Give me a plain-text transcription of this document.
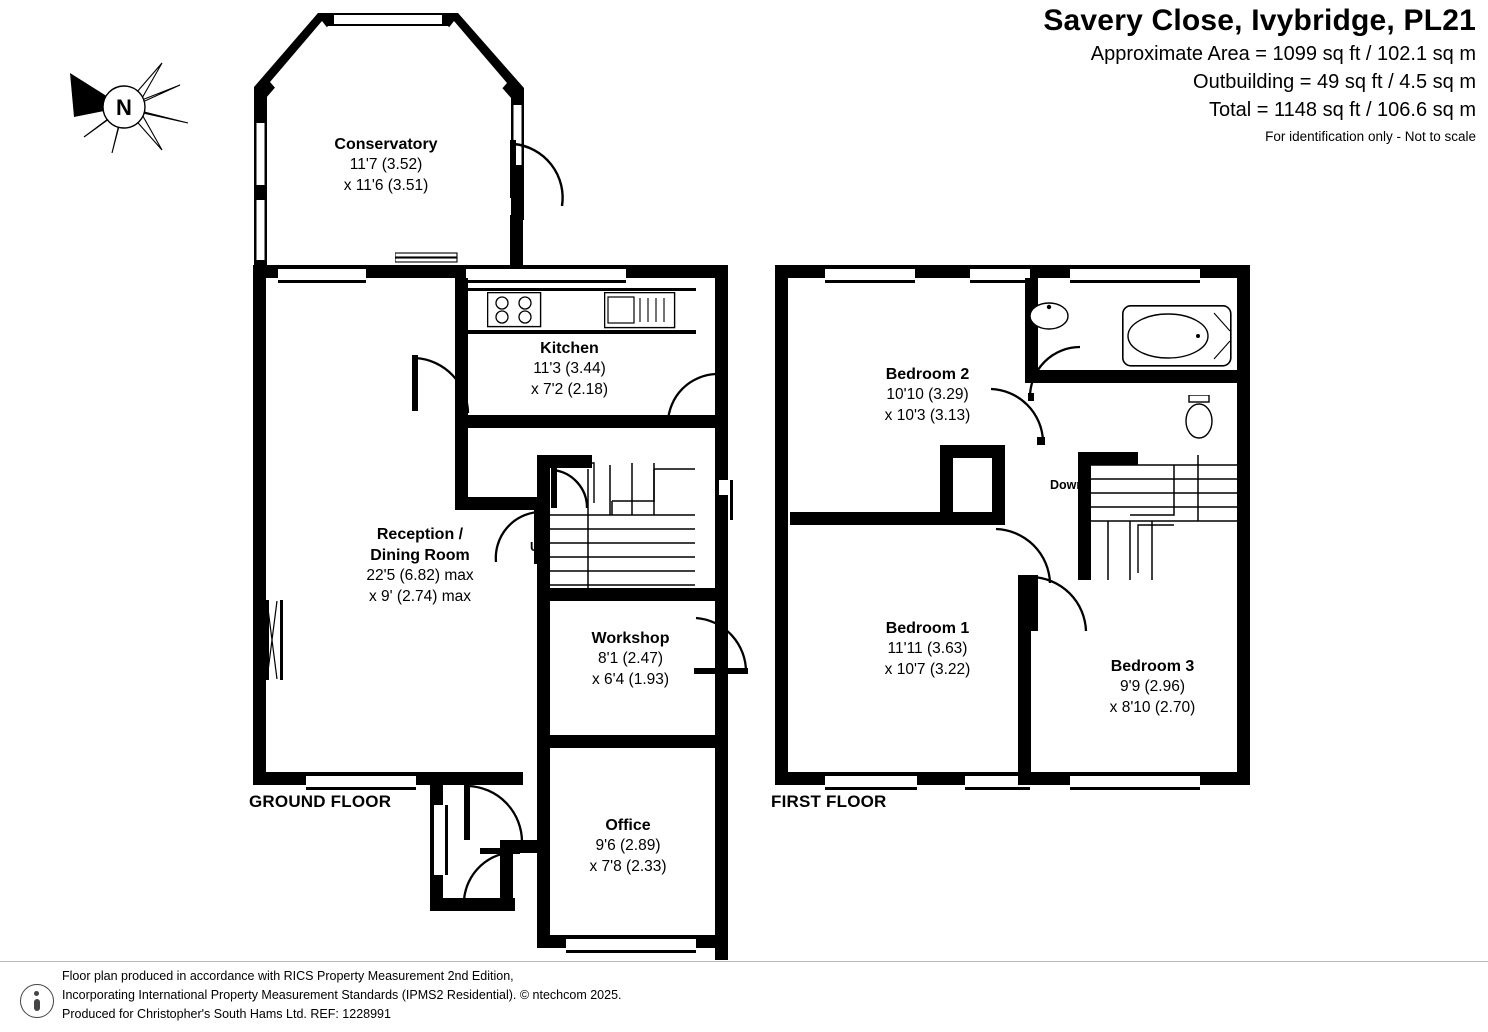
Savery Close, Ivybridge, PL21
Approximate Area = 1099 sq ft / 102.1 sq m
Outbuilding = 49 sq ft / 4.5 sq m
Total = 1148 sq ft / 106.6 sq m
For identification only - Not to scale
N
Conservatory
11'7 (3.52)
x 11'6 (3.51)
Kitchen
11'3 (3.44)
x 7'2 (2.18)
Up
Reception /
Dining Room
22'5 (6.82) max
x 9' (2.74) max
Workshop
8'1 (2.47)
x 6'4 (1.93)
Office
9'6 (2.89)
x 7'8 (2.33)
GROUND FLOOR
Down
Bedroom 2
10'10 (3.29)
x 10'3 (3.13)
Bedroom 1
11'11 (3.63)
x 10'7 (3.22)	Bedroom 3
9'9 (2.96)
x 8'10 (2.70)
FIRST FLOOR
Floor plan produced in accordance with RICS Property Measurement 2nd Edition,
Incorporating International Property Measurement Standards (IPMS2 Residential). © ntechcom 2025.
Produced for Christopher's South Hams Ltd. REF: 1228991
